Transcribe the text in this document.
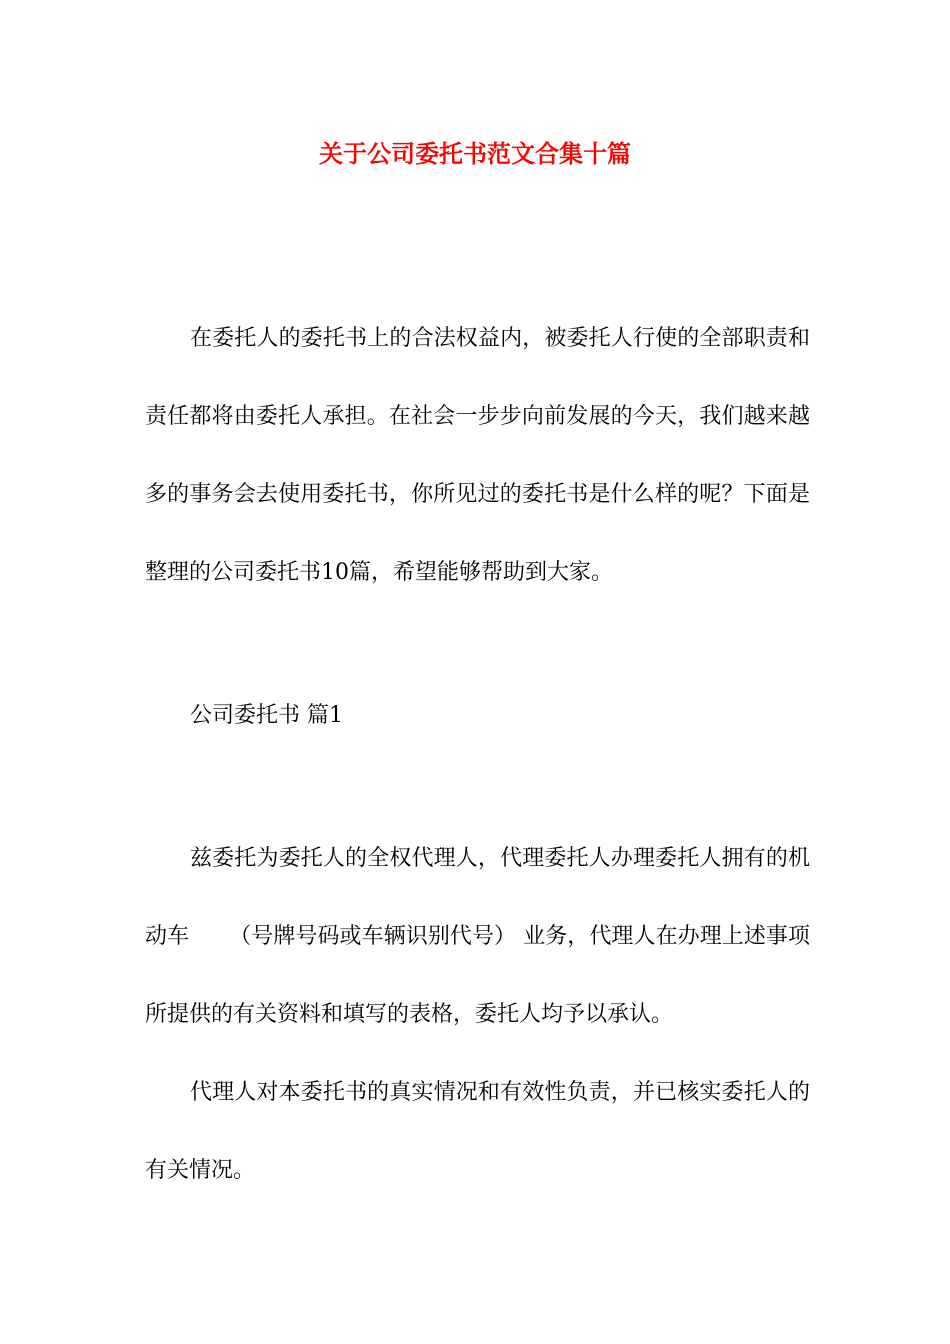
关于公司委托书范文合集十篇

在委托人的委托书上的合法权益内，被委托人行使的全部职责和责任都将由委托人承担。在社会一步步向前发展的今天，我们越来越多的事务会去使用委托书，你所见过的委托书是什么样的呢？下面是整理的公司委托书10篇，希望能够帮助到大家。

公司委托书 篇1

兹委托为委托人的全权代理人，代理委托人办理委托人拥有的机动车 （号牌号码或车辆识别代号） 业务，代理人在办理上述事项所提供的有关资料和填写的表格，委托人均予以承认。

代理人对本委托书的真实情况和有效性负责，并已核实委托人的有关情况。
